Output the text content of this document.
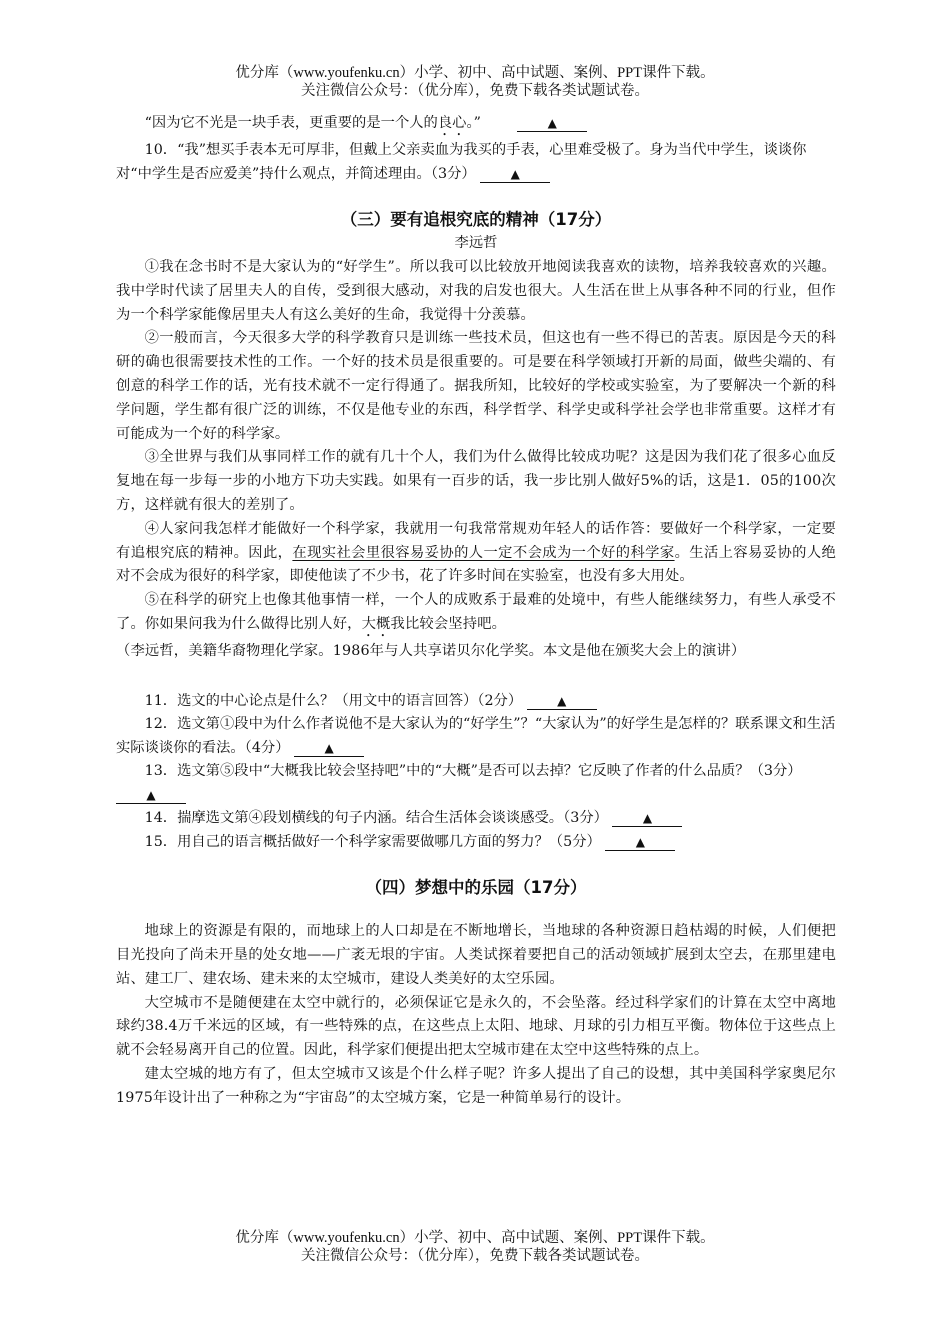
优分库（www.youfenku.cn）小学、初中、高中试题、案例、PPT课件下载。
关注微信公众号：（优分库），免费下载各类试题试卷。

“因为它不光是一块手表，更重要的是一个人的良心。”	▲

10．“我”想买手表本无可厚非，但戴上父亲卖血为我买的手表，心里难受极了。身为当代中学生，谈谈你对“中学生是否应爱美”持什么观点，并简述理由。（3分）	▲

（三）要有追根究底的精神（17分）

李远哲

①我在念书时不是大家认为的“好学生”。所以我可以比较放开地阅读我喜欢的读物，培养我较喜欢的兴趣。我中学时代读了居里夫人的自传，受到很大感动，对我的启发也很大。人生活在世上从事各种不同的行业，但作为一个科学家能像居里夫人有这么美好的生命，我觉得十分羡慕。

②一般而言，今天很多大学的科学教育只是训练一些技术员，但这也有一些不得已的苦衷。原因是今天的科研的确也很需要技术性的工作。一个好的技术员是很重要的。可是要在科学领域打开新的局面，做些尖端的、有创意的科学工作的话，光有技术就不一定行得通了。据我所知，比较好的学校或实验室，为了要解决一个新的科学问题，学生都有很广泛的训练，不仅是他专业的东西，科学哲学、科学史或科学社会学也非常重要。这样才有可能成为一个好的科学家。

③全世界与我们从事同样工作的就有几十个人，我们为什么做得比较成功呢？这是因为我们花了很多心血反复地在每一步每一步的小地方下功夫实践。如果有一百步的话，我一步比别人做好5%的话，这是1．05的100次方，这样就有很大的差别了。

④人家问我怎样才能做好一个科学家，我就用一句我常常规劝年轻人的话作答：要做好一个科学家，一定要有追根究底的精神。因此，在现实社会里很容易妥协的人一定不会成为一个好的科学家。生活上容易妥协的人绝对不会成为很好的科学家，即使他读了不少书，花了许多时间在实验室，也没有多大用处。

⑤在科学的研究上也像其他事情一样，一个人的成败系于最难的处境中，有些人能继续努力，有些人承受不了。你如果问我为什么做得比别人好，大概我比较会坚持吧。

（李远哲，美籍华裔物理化学家。1986年与人共享诺贝尔化学奖。本文是他在颁奖大会上的演讲）

11．选文的中心论点是什么？（用文中的语言回答）（2分）	▲

12．选文第①段中为什么作者说他不是大家认为的“好学生”？“大家认为”的好学生是怎样的？联系课文和生活实际谈谈你的看法。（4分）	▲

13．选文第⑤段中“大概我比较会坚持吧”中的“大概”是否可以去掉？它反映了作者的什么品质？（3分） ▲

14．揣摩选文第④段划横线的句子内涵。结合生活体会谈谈感受。（3分）	▲

15．用自己的语言概括做好一个科学家需要做哪几方面的努力？（5分）	▲

（四）梦想中的乐园（17分）

地球上的资源是有限的，而地球上的人口却是在不断地增长，当地球的各种资源日趋枯竭的时候，人们便把目光投向了尚未开垦的处女地——广袤无垠的宇宙。人类试探着要把自己的活动领域扩展到太空去，在那里建电站、建工厂、建农场、建未来的太空城市，建设人类美好的太空乐园。

大空城市不是随便建在太空中就行的，必须保证它是永久的，不会坠落。经过科学家们的计算在太空中离地球约38.4万千米远的区域，有一些特殊的点，在这些点上太阳、地球、月球的引力相互平衡。物体位于这些点上就不会轻易离开自己的位置。因此，科学家们便提出把太空城市建在太空中这些特殊的点上。

建太空城的地方有了，但太空城市又该是个什么样子呢？许多人提出了自己的设想，其中美国科学家奥尼尔1975年设计出了一种称之为“宇宙岛”的太空城方案，它是一种简单易行的设计。

优分库（www.youfenku.cn）小学、初中、高中试题、案例、PPT课件下载。
关注微信公众号：（优分库），免费下载各类试题试卷。
